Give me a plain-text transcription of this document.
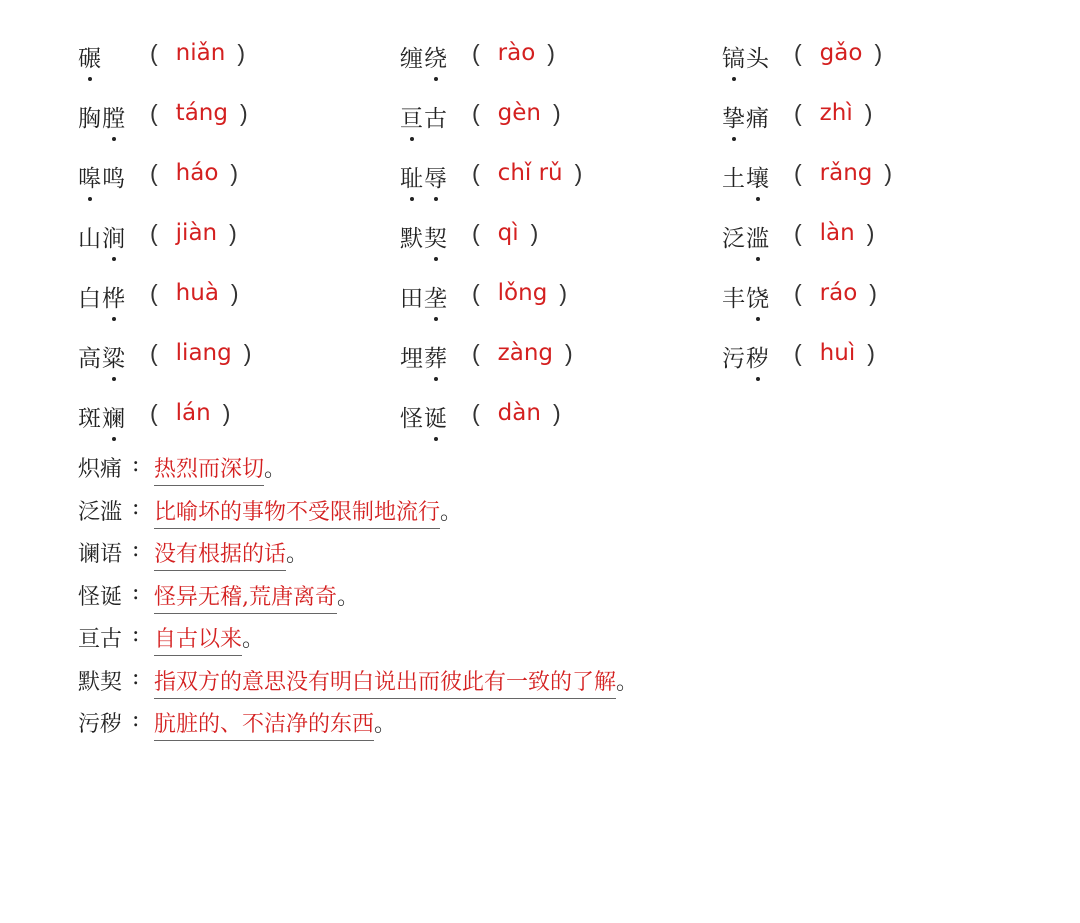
碾	( niǎn )
胸膛 ( táng )
嗥鸣 ( háo )
山涧 ( jiàn )
白桦 ( huà )
高粱 ( liang )
斑斓 ( lán )
缠绕 ( rào )
亘古 ( gèn )
耻辱 ( chǐ rǔ )
默契 ( qì )
田垄 ( lǒng )
埋葬 ( zàng )
怪诞 ( dàn )
镐头 ( gǎo )
挚痛 ( zhì )
土壤 ( rǎng )
泛滥 ( làn )
丰饶 ( ráo )
污秽 ( huì )
炽痛 : 热烈而深切 。
泛滥 : 比喻坏的事物不受限制地流行 。
谰语 : 没有根据的话 。
怪诞 : 怪异无稽,荒唐离奇 。
亘古 : 自古以来 。
默契 : 指双方的意思没有明白说出而彼此有一致的了解 。
污秽 : 肮脏的、不洁净的东西 。
